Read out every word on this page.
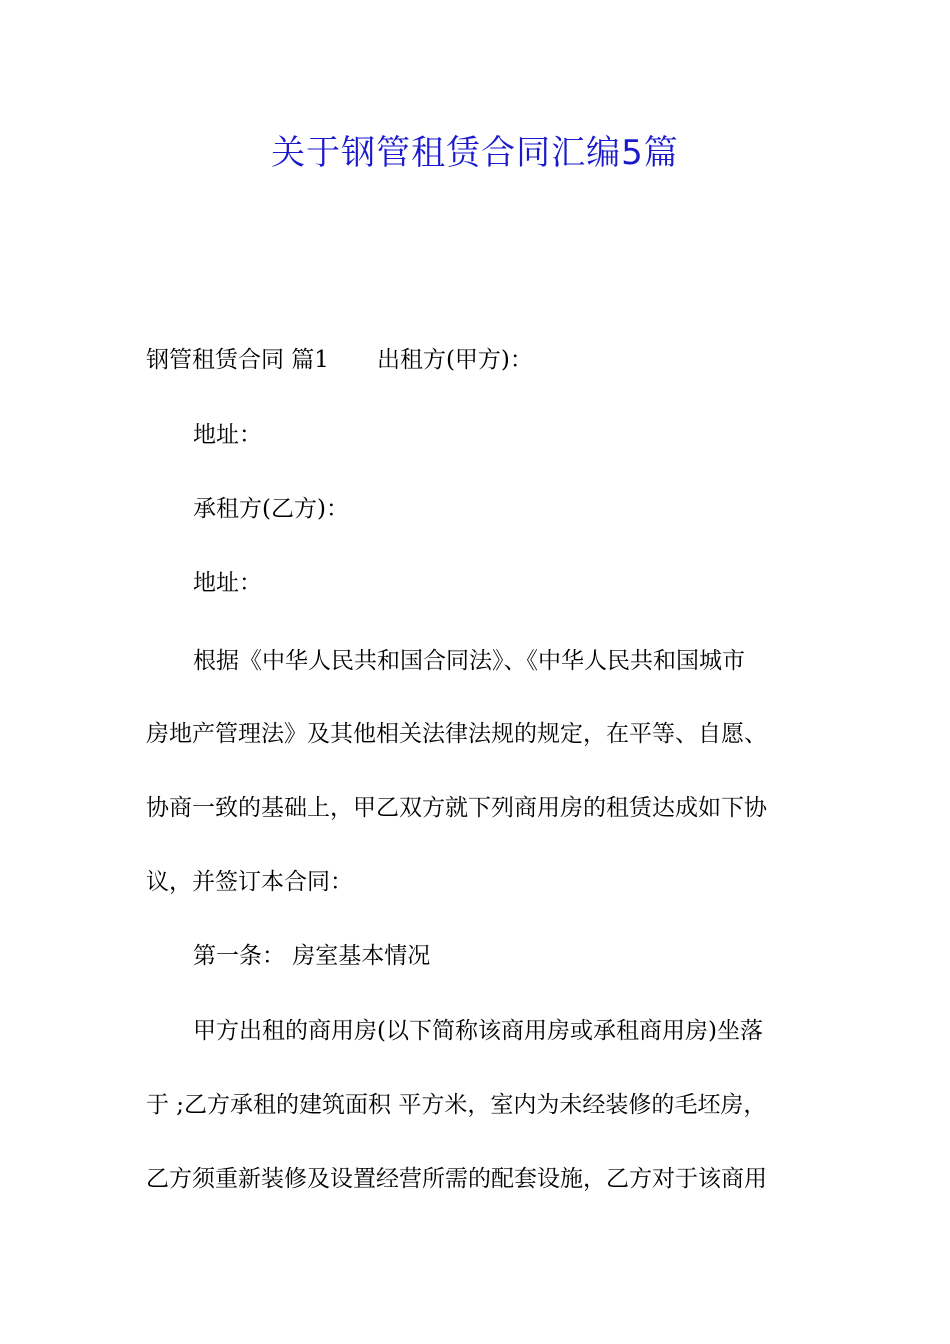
关于钢管租赁合同汇编5篇
钢管租赁合同 篇1 出租方(甲方)：
地址：
承租方(乙方)：
地址：
根据《中华人民共和国合同法》、《中华人民共和国城市
房地产管理法》及其他相关法律法规的规定，在平等、自愿、
协商一致的基础上，甲乙双方就下列商用房的租赁达成如下协
议，并签订本合同：
第一条： 房室基本情况
甲方出租的商用房(以下简称该商用房或承租商用房)坐落
于 ;乙方承租的建筑面积 平方米，室内为未经装修的毛坯房，
乙方须重新装修及设置经营所需的配套设施，乙方对于该商用
